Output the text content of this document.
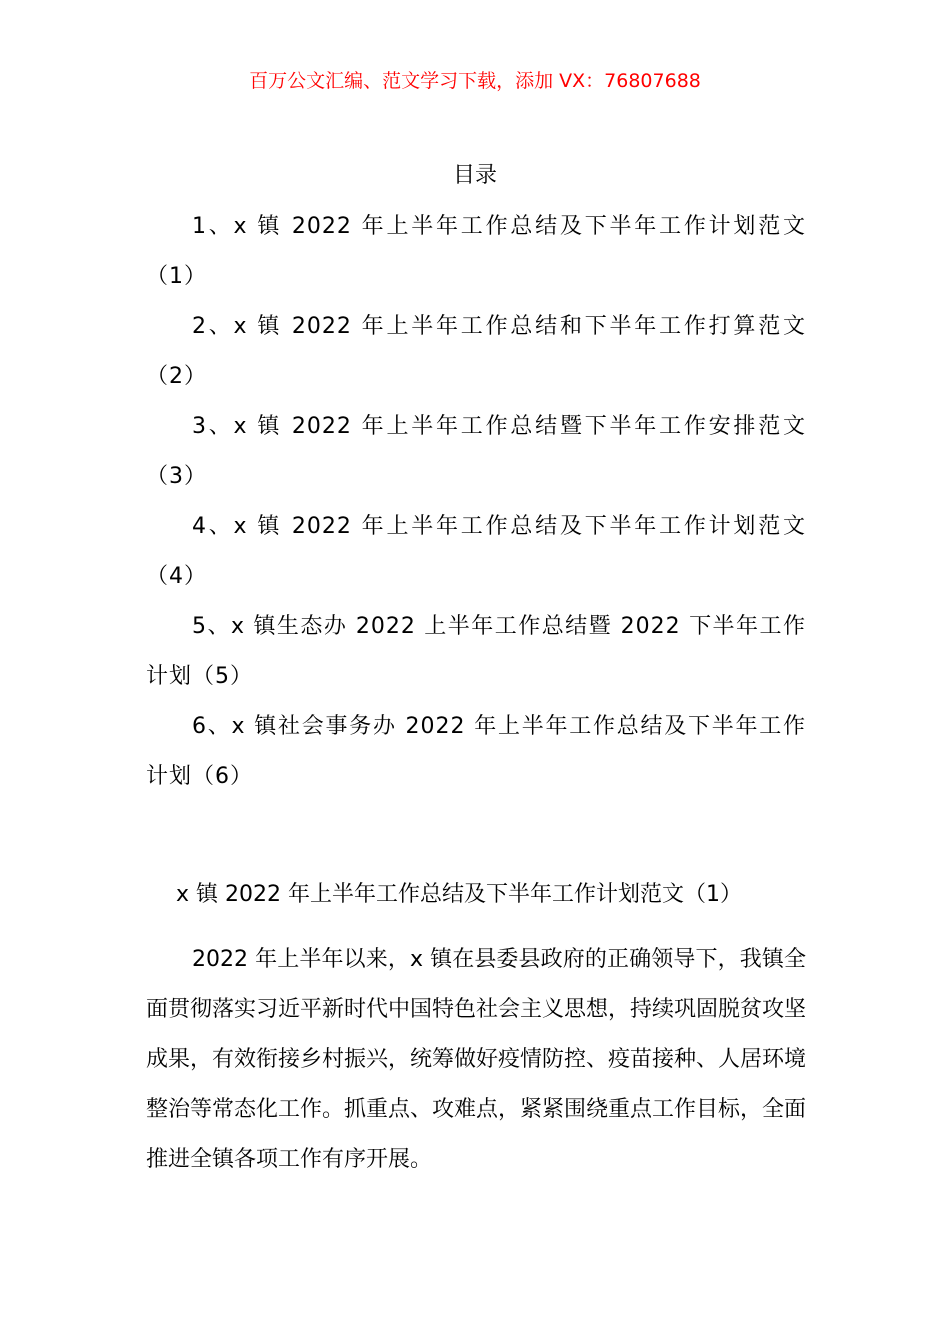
百万公文汇编、范文学习下载，添加 VX：76807688
目录
1、x 镇 2022 年上半年工作总结及下半年工作计划范文（1）
2、x 镇 2022 年上半年工作总结和下半年工作打算范文（2）
3、x 镇 2022 年上半年工作总结暨下半年工作安排范文（3）
4、x 镇 2022 年上半年工作总结及下半年工作计划范文（4）
5、x 镇生态办 2022 上半年工作总结暨 2022 下半年工作计划（5）
6、x 镇社会事务办 2022 年上半年工作总结及下半年工作计划（6）
x 镇 2022 年上半年工作总结及下半年工作计划范文（1）

2022 年上半年以来，x 镇在县委县政府的正确领导下，我镇全面贯彻落实习近平新时代中国特色社会主义思想，持续巩固脱贫攻坚成果，有效衔接乡村振兴，统筹做好疫情防控、疫苗接种、人居环境整治等常态化工作。抓重点、攻难点，紧紧围绕重点工作目标，全面推进全镇各项工作有序开展。
